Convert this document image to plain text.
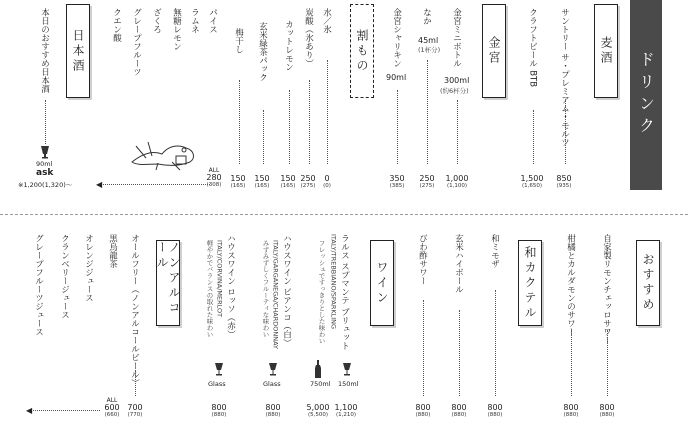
ドリンク
麦酒
金宮
割もの
日本酒	サントリー サ・プレミアム・モルツ
850
(935)
クラフトビール BTB
1,500
(1,650)
金宮ミニボトル
300ml
(約6杯分)
1,000
(1,100)
なか
45ml
(1杯分)
250
(275)
金宮シャリキン
90ml
350
(385)
水／氷
0
(0)
炭酸（氷あり）
250
(275)
カットレモン
150
(165)
玄米緑茶パック
150
(165)
梅干し
150
(165)
パイス
ラムネ
無糖レモン
ざくろ
グレープフルーツ
クエン酸
ALL
280
(308)
◀
本日のおすすめ日本酒
90ml
ask
※1,200(1,320)〜
おすすめ
和カクテル
ワイン
ノンアルコール	自家製リモンチェッロサワー
800
(880)
柑橘とカルダモンのサワー
800
(880)
和ミモザ
800
(880)
玄米ハイボール
800
(880)
びわ酢サワー
800
(880)
ラルス スプマンテ ブリュット
ITALY/TREBBIANO/SPARKLING
フレッシュですっきりとした味わい
150ml
1,100
(1,210)
750ml
5,000
(5,500)
ハウスワイン ビアンコ（白）
ITALY/GARGANEGA/CHARDONNAY
みずみずしくフルーティな味わい
Glass
800
(880)
ハウスワイン ロッソ（赤）
ITALY/CORVINA/MERLOT
軽やかでバランスの取れた味わい
Glass
800
(880)
オールフリー（ノンアルコールビール）
700
(770)
黒烏龍茶
オレンジジュース
クランベリージュース
グレープフルーツジュース
ALL
600
(660)
◀
